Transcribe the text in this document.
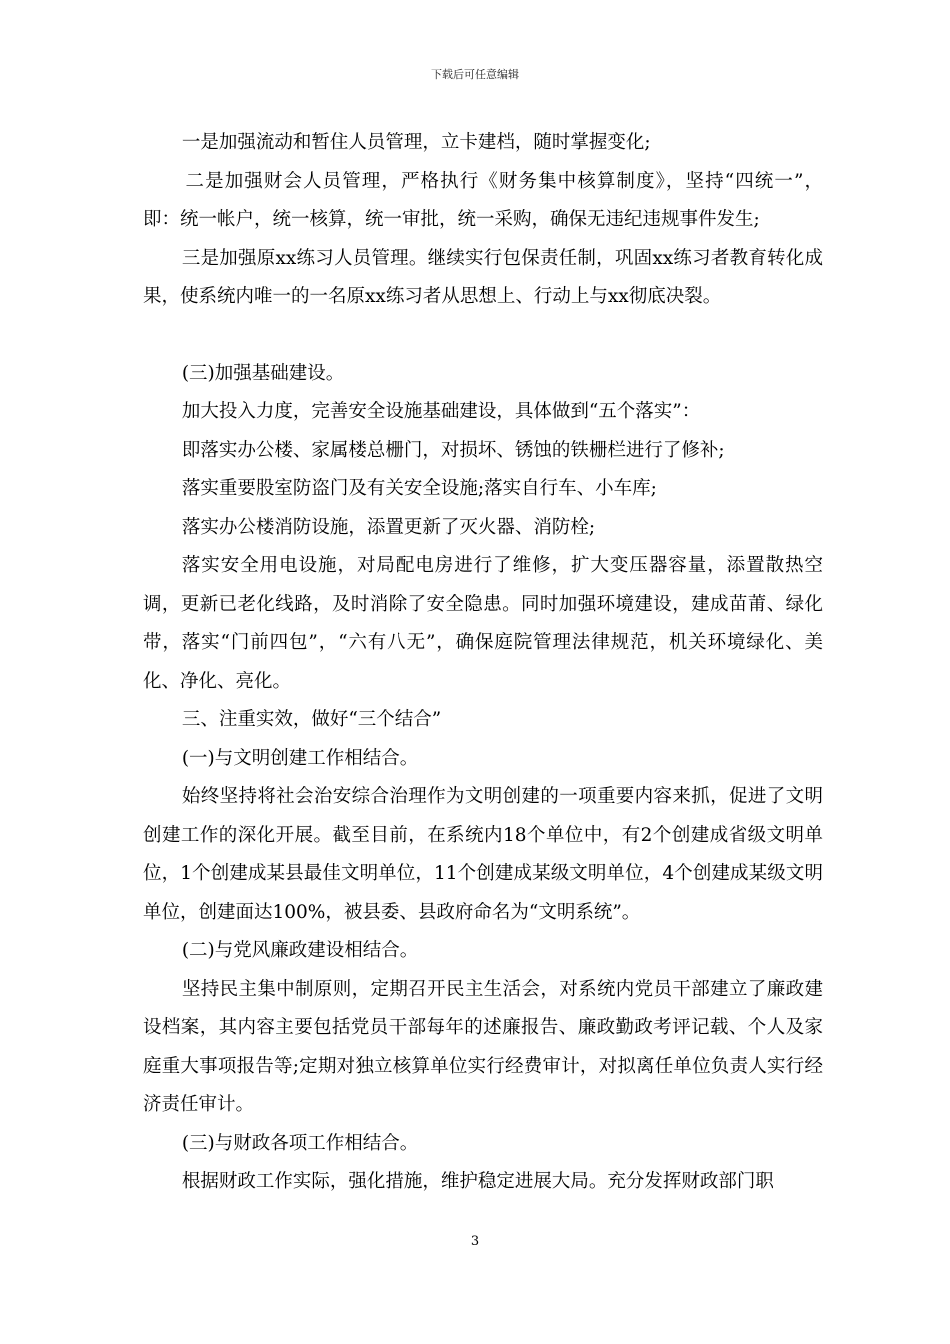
下载后可任意编辑

一是加强流动和暂住人员管理，立卡建档，随时掌握变化;

二是加强财会人员管理，严格执行《财务集中核算制度》，坚持“四统一”，即：统一帐户，统一核算，统一审批，统一采购，确保无违纪违规事件发生;

三是加强原xx练习人员管理。继续实行包保责任制，巩固xx练习者教育转化成果，使系统内唯一的一名原xx练习者从思想上、行动上与xx彻底决裂。

(三)加强基础建设。

加大投入力度，完善安全设施基础建设，具体做到“五个落实”：

即落实办公楼、家属楼总栅门，对损坏、锈蚀的铁栅栏进行了修补;

落实重要股室防盗门及有关安全设施;落实自行车、小车库;

落实办公楼消防设施，添置更新了灭火器、消防栓;

落实安全用电设施，对局配电房进行了维修，扩大变压器容量，添置散热空调，更新已老化线路，及时消除了安全隐患。同时加强环境建设，建成苗莆、绿化带，落实“门前四包”，“六有八无”，确保庭院管理法律规范，机关环境绿化、美化、净化、亮化。

三、注重实效，做好“三个结合”

(一)与文明创建工作相结合。

始终坚持将社会治安综合治理作为文明创建的一项重要内容来抓，促进了文明创建工作的深化开展。截至目前，在系统内18个单位中，有2个创建成省级文明单位，1个创建成某县最佳文明单位，11个创建成某级文明单位，4个创建成某级文明单位，创建面达100%，被县委、县政府命名为“文明系统”。

(二)与党风廉政建设相结合。

坚持民主集中制原则，定期召开民主生活会，对系统内党员干部建立了廉政建设档案，其内容主要包括党员干部每年的述廉报告、廉政勤政考评记载、个人及家庭重大事项报告等;定期对独立核算单位实行经费审计，对拟离任单位负责人实行经济责任审计。

(三)与财政各项工作相结合。

根据财政工作实际，强化措施，维护稳定进展大局。充分发挥财政部门职

3
